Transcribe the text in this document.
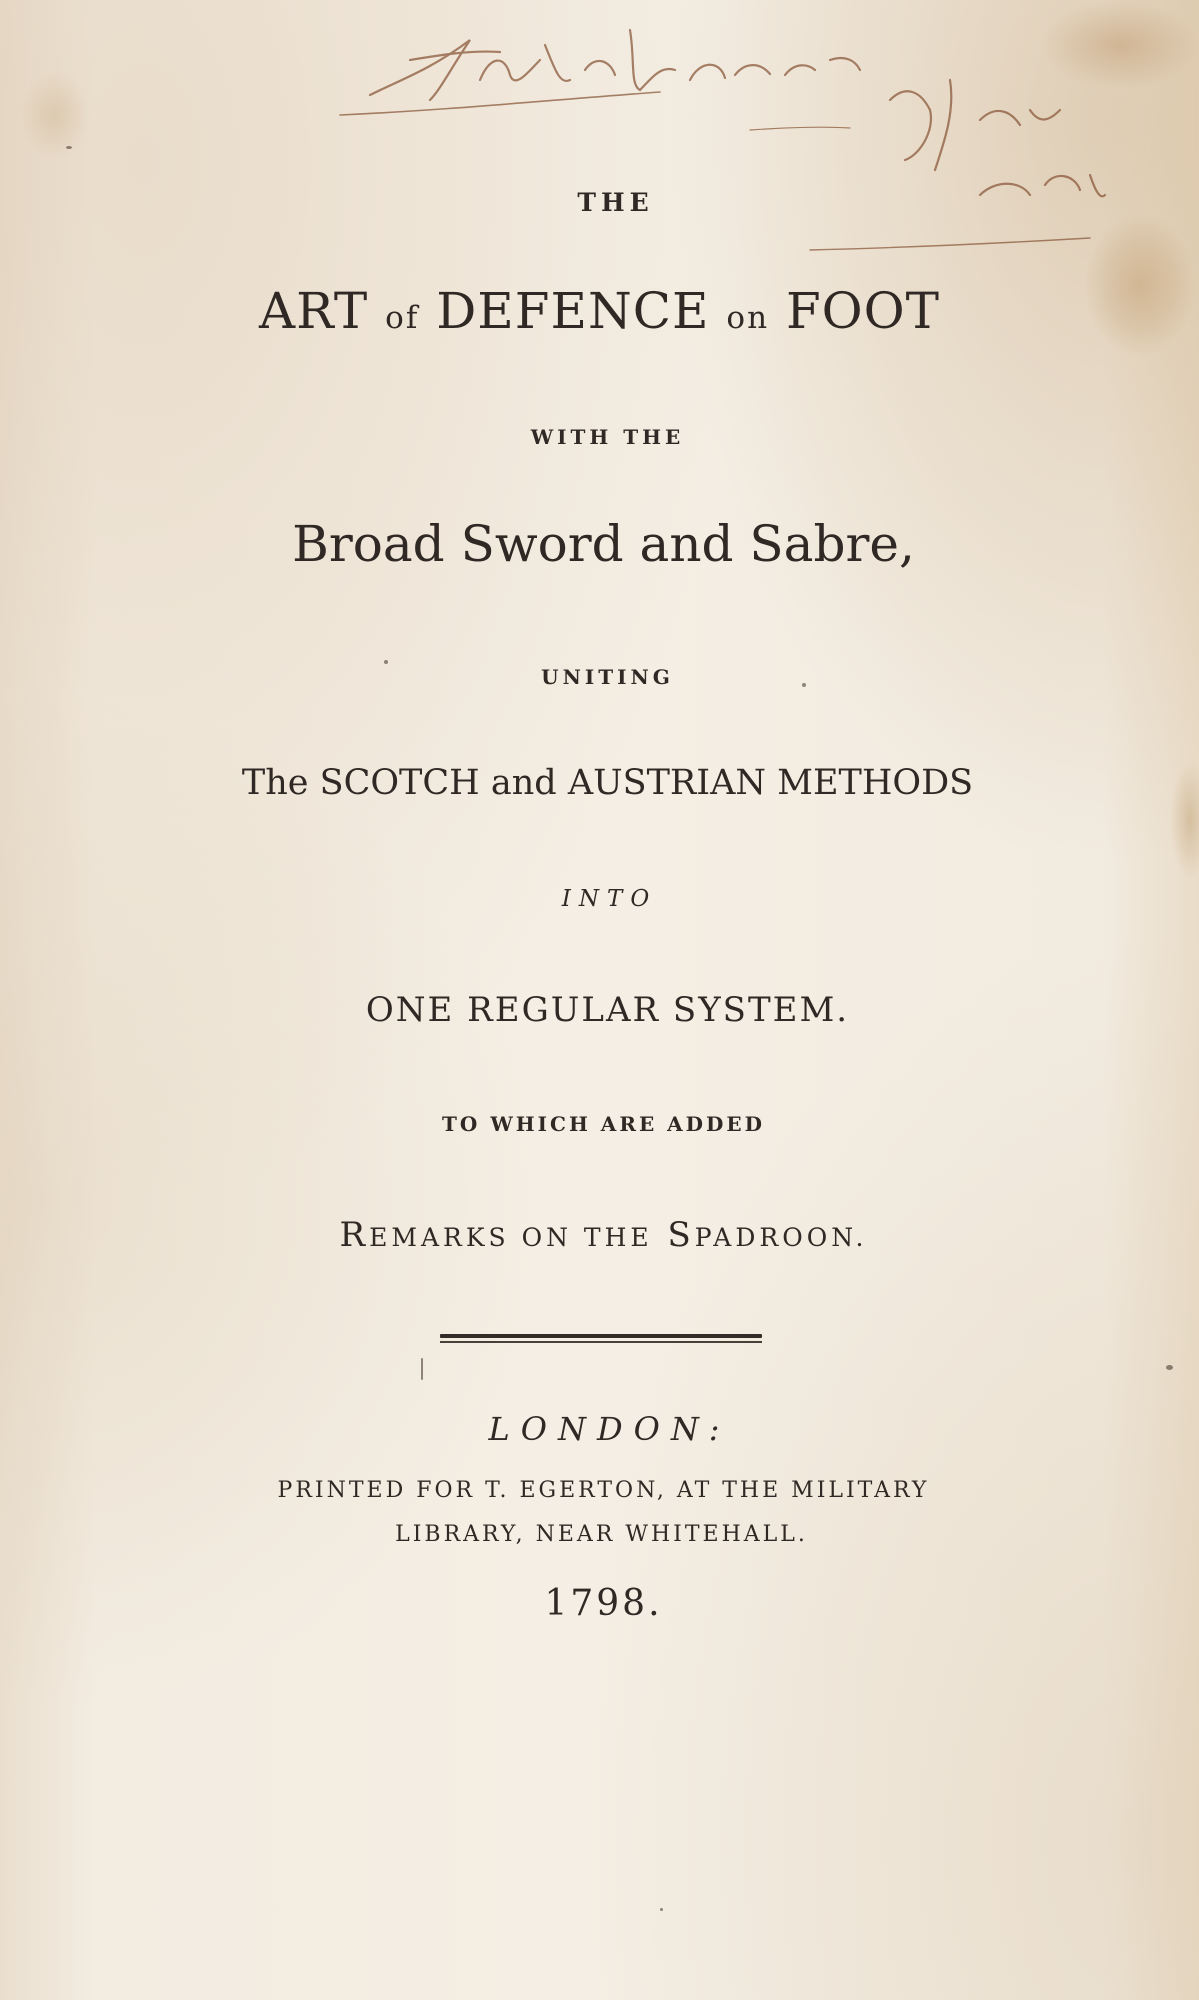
THE

ART of DEFENCE on FOOT

WITH THE

Broad Sword and Sabre,

UNITING

The SCOTCH and AUSTRIAN METHODS

INTO

ONE REGULAR SYSTEM.

TO WHICH ARE ADDED

REMARKS ON THE SPADROON.

LONDON:

PRINTED FOR T. EGERTON, AT THE MILITARY

LIBRARY, NEAR WHITEHALL.

1798.
